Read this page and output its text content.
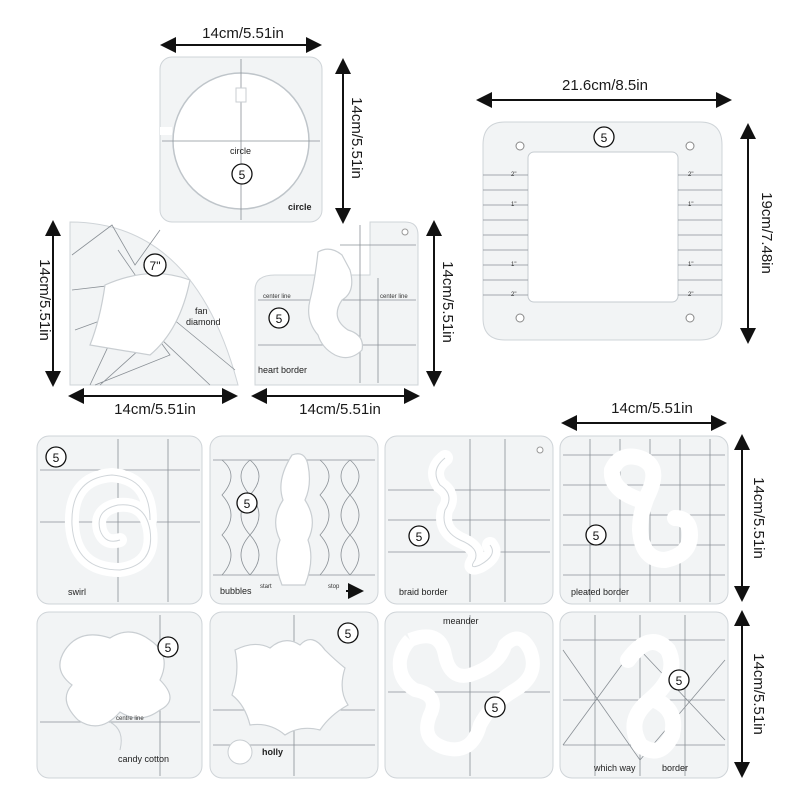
circle
5
circle
14cm/5.51in
14cm/5.51in
7"
fan
diamond
14cm/5.51in
14cm/5.51in
5
center line	center line
heart border
14cm/5.51in
14cm/5.51in
2"
1"
1"
2"
2"
1"
1"
2"
5
21.6cm/8.5in
19cm/7.48in
5
swirl
5
bubbles start	stop
5
braid border
5
pleated border
14cm/5.51in
14cm/5.51in
5
centre line
candy cotton
5
holly
5
meander
5
which way	border
14cm/5.51in
